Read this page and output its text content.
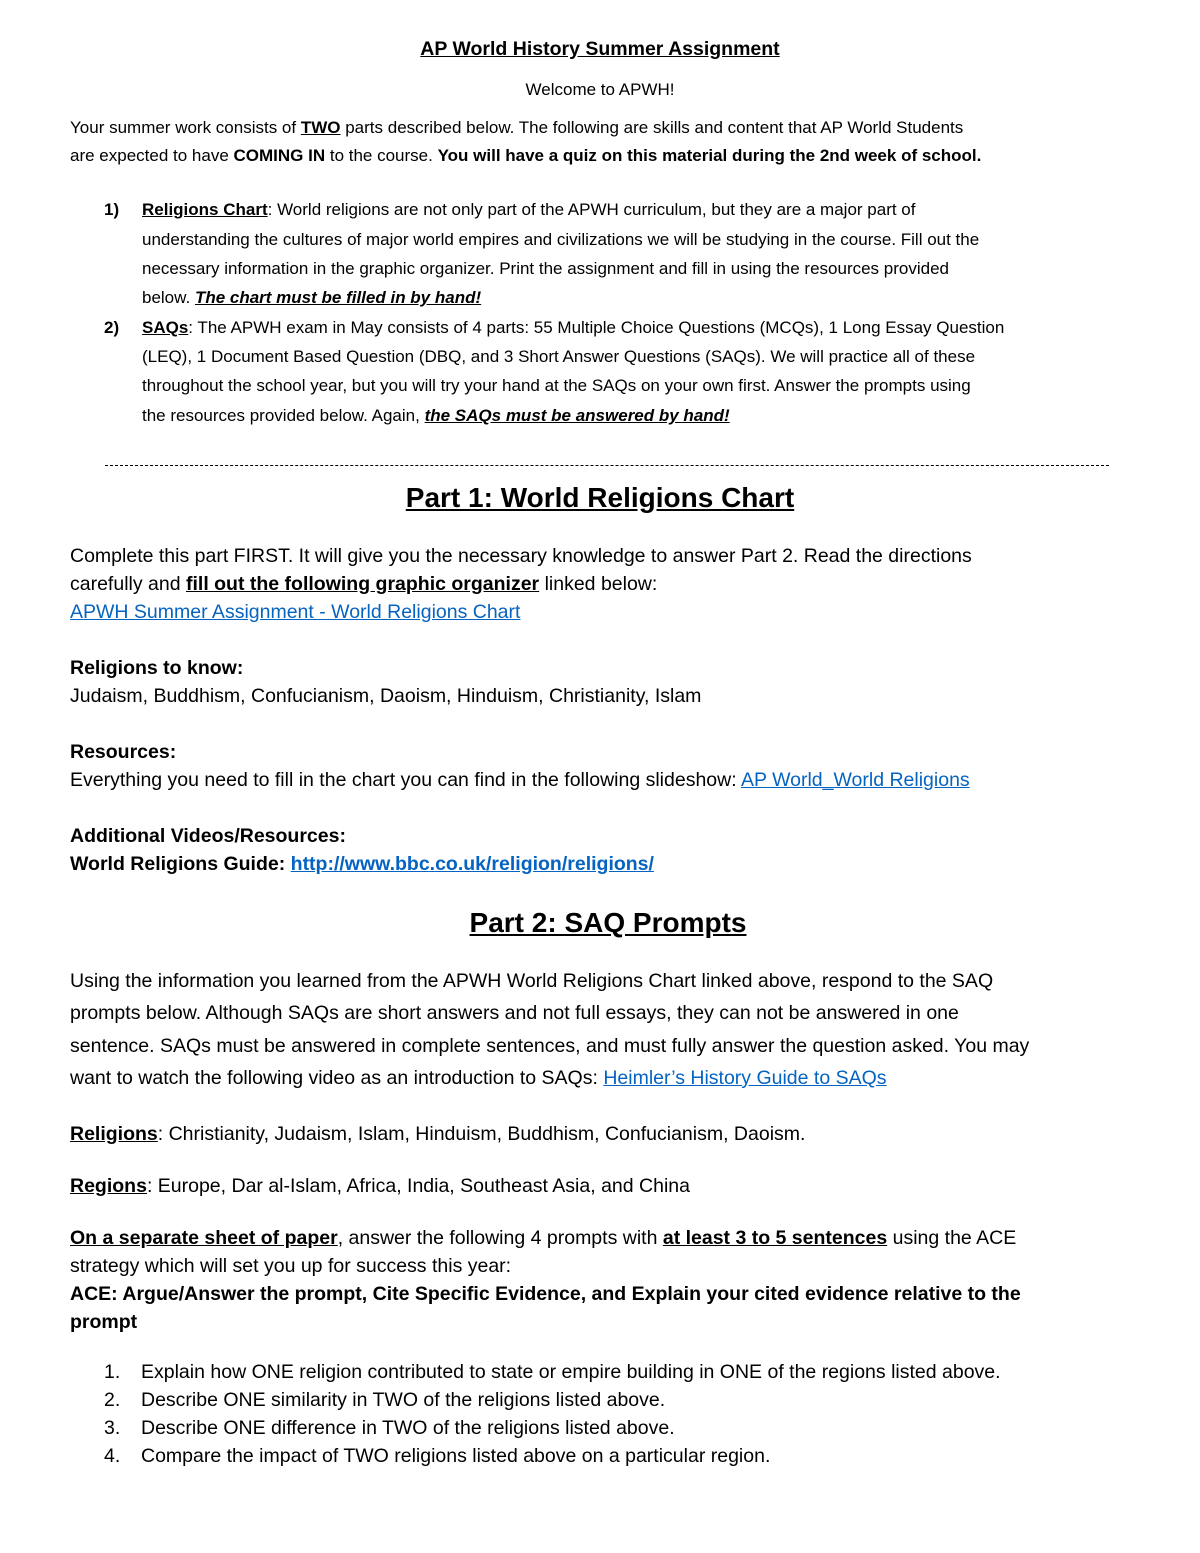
AP World History Summer Assignment
Welcome to APWH!
Your summer work consists of TWO parts described below. The following are skills and content that AP World Students
are expected to have COMING IN to the course. You will have a quiz on this material during the 2nd week of school.
1) Religions Chart: World religions are not only part of the APWH curriculum, but they are a major part of
understanding the cultures of major world empires and civilizations we will be studying in the course. Fill out the
necessary information in the graphic organizer. Print the assignment and fill in using the resources provided
below. The chart must be filled in by hand!
2) SAQs: The APWH exam in May consists of 4 parts: 55 Multiple Choice Questions (MCQs), 1 Long Essay Question
(LEQ), 1 Document Based Question (DBQ, and 3 Short Answer Questions (SAQs). We will practice all of these
throughout the school year, but you will try your hand at the SAQs on your own first. Answer the prompts using
the resources provided below. Again, the SAQs must be answered by hand!
Part 1: World Religions Chart
Complete this part FIRST. It will give you the necessary knowledge to answer Part 2. Read the directions
carefully and fill out the following graphic organizer linked below:
APWH Summer Assignment - World Religions Chart
Religions to know:
Judaism, Buddhism, Confucianism, Daoism, Hinduism, Christianity, Islam
Resources:
Everything you need to fill in the chart you can find in the following slideshow: AP World_World Religions
Additional Videos/Resources:
World Religions Guide: http://www.bbc.co.uk/religion/religions/
Part 2: SAQ Prompts
Using the information you learned from the APWH World Religions Chart linked above, respond to the SAQ
prompts below. Although SAQs are short answers and not full essays, they can not be answered in one
sentence. SAQs must be answered in complete sentences, and must fully answer the question asked. You may
want to watch the following video as an introduction to SAQs: Heimler’s History Guide to SAQs
Religions: Christianity, Judaism, Islam, Hinduism, Buddhism, Confucianism, Daoism.
Regions: Europe, Dar al-Islam, Africa, India, Southeast Asia, and China
On a separate sheet of paper, answer the following 4 prompts with at least 3 to 5 sentences using the ACE
strategy which will set you up for success this year:
ACE: Argue/Answer the prompt, Cite Specific Evidence, and Explain your cited evidence relative to the
prompt
1. Explain how ONE religion contributed to state or empire building in ONE of the regions listed above.
2. Describe ONE similarity in TWO of the religions listed above.
3. Describe ONE difference in TWO of the religions listed above.
4. Compare the impact of TWO religions listed above on a particular region.
